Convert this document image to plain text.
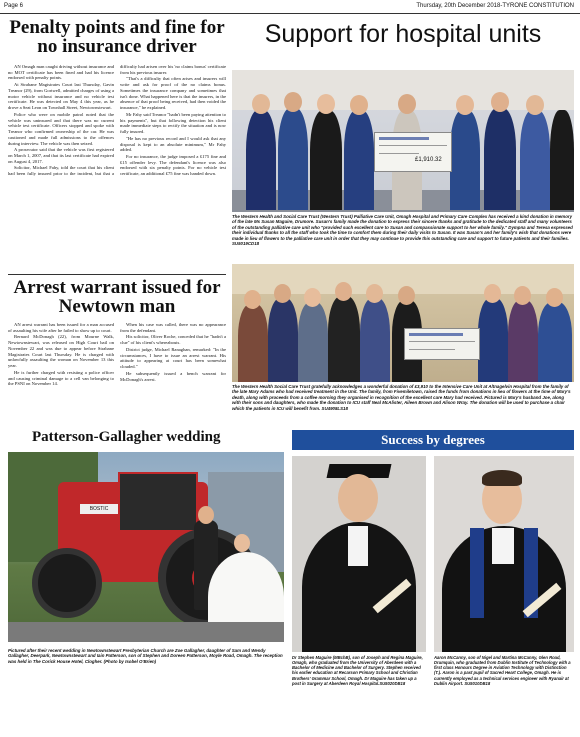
Page 6	Thursday, 20th December 2018-TYRONE CONSTITUTION
Penalty points and fine for no insurance driver

AN Omagh man caught driving without insurance and no MOT certificate has been fined and had his licence endorsed with penalty points.

At Strabane Magistrates Court last Thursday, Gavin Treanor (29), from Gortwell, admitted charges of using a motor vehicle without insurance and no vehicle test certificate. He was detected on May 4 this year, as he drove a Seat Leon on Townhall Street, Newtownstewart.

Police who were on mobile patrol noted that the vehicle was uninsured and that there was no current vehicle test certificate. Officers stopped and spoke with Treanor who confirmed ownership of the car. He was cautioned and made full admissions to the offences during interview. The vehicle was then seized.

A prosecutor said that the vehicle was first registered on March 1, 2007, and that its last certificate had expired on August 4, 2017.

Solicitor, Michael Fahy, told the court that his client had been fully insured prior to the incident, but that a difficulty had arisen over his 'no claims bonus' certificate from his previous insurer.

"That's a difficulty that often arises and insurers will write and ask for proof of the no claims bonus. Sometimes the insurance company and sometimes that isn't done. What happened here is that the insurers, in the absence of that proof being received, had then voided the insurance," he explained.

Mr Fahy said Treanor "hadn't been paying attention to his payments", but that following detection his client made immediate steps to rectify the situation and is now fully insured.

"He has no previous record and I would ask that any disposal is kept to an absolute minimum," Mr Fahy added.

For no insurance, the judge imposed a £175 fine and £15 offender levy. The defendant's licence was also endorsed with six penalty points. For no vehicle test certificate, an additional £75 fine was handed down.

Support for hospital units
£1,910.32
The Western Health and Social Care Trust (Western Trust) Palliative Care Unit, Omagh Hospital and Primary Care Complex has received a kind donation in memory of the late Ms Susan Maguire, Drumore. Susan's family made the donation to express their sincere thanks and gratitude to the dedicated staff and many volunteers of the outstanding palliative care unit who "provided such excellent care to Susan and compassionate support to her whole family." Dympna and Teresa expressed their individual thanks to all the staff who took the time to comfort them during their daily visits to Susan. It was Susan's and her family's wish that donations were made in lieu of flowers to the palliative care unit in order that they may continue to provide this outstanding care and support to future patients and their families. SU5019CD18
The Western Health Social Care Trust gratefully acknowledges a wonderful donation of £3,910 to the Intensive Care Unit at Altnagelvin Hospital from the family of the late Mary Adams who had received treatment in the Unit. The family, from Fivemiletown, raised the funds from donations in lieu of flowers at the time of Mary's death, along with proceeds from a coffee morning they organised in recognition of the excellent care Mary had received. Pictured is Mary's husband Joe, along with their sons and daughters, who made the donation to ICU staff Neal McAlister, Aileen Brown and Alison Wray. The donation will be used to purchase a chair which the patients in ICU will benefit from. SU4908LS18
Arrest warrant issued for Newtown man

AN arrest warrant has been issued for a man accused of assaulting his wife after he failed to show up to court.

Bernard McDonagh (22), from Mourne Walk, Newtownstewart, was released on High Court bail on November 22 and was due to appear before Strabane Magistrates Court last Thursday. He is charged with unlawfully assaulting the woman on November 13 this year.

He is further charged with resisting a police officer and causing criminal damage to a cell van belonging to the PSNI on November 14.

When his case was called, there was no appearance from the defendant.

His solicitor, Oliver Roche, conceded that he "hadn't a clue" of his client's whereabouts.

District judge, Michael Ranaghan, remarked: "In the circumstances, I have to issue an arrest warrant. His attitude to appearing at court has been somewhat clouded."

He subsequently issued a bench warrant for McDonagh's arrest.

Patterson-Gallagher wedding
BOSTIC
Pictured after their recent wedding in Newtownstewart Presbyterian Church are Zoe Gallagher, daughter of Sam and Wendy Gallagher, Deerpark, Newtownstewart and Iain Patterson, son of Stephen and Doreen Patterson, Moyle Road, Omagh. The reception was held in The Corick House Hotel, Clogher. (Photo by Isobel O'Brien)
Success by degrees
Dr Stephen Maguire (MBchB), son of Joseph and Regina Maguire, Omagh, who graduated from the University of Aberdeen with a Bachelor of Medicine and Bachelor of Surgery. Stephen received his earlier education at Recarson Primary School and Christian Brothers' Grammar School, Omagh. Dr Maguire has taken up a post in Surgery at Aberdeen Royal Hospital.SU5020DB18
Aaron McCanny, son of Nigel and Martina McCanny, Glen Road, Drumquin, who graduated from Dublin Institute of Technology with a first class Honours Degree in Aviation Technology with Distinction (T.). Aaron is a past pupil of Sacred Heart College, Omagh. He is currently employed as a technical services engineer with Ryanair at Dublin Airport. SU5010DB18
